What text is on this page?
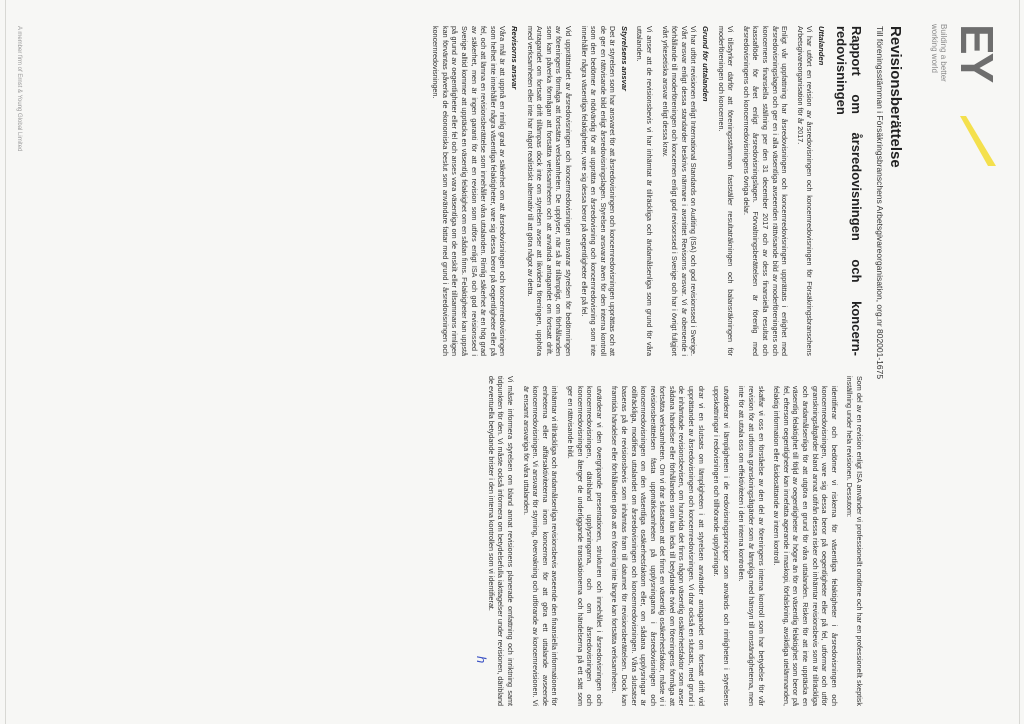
EY
Building a better
working world
Revisionsberättelse
Till föreningsstämman i Försäkringsbranschens Arbetsgivareorganisation, org.nr 802001-1675
Rapport om årsredovisningen och koncern-redovisningen
Uttalanden

Vi har utfört en revision av årsredovisningen och koncernredovisningen för Försäkringsbranschens Arbetsgivareorganisation för år 2017.

Enligt vår uppfattning har årsredovisningen och koncernredovisningen upprättats i enlighet med årsredovisningslagen och ger en i alla väsentliga avseenden rättvisande bild av moderföreningens och koncernens finansiella ställning per den 31 december 2017 och av dess finansiella resultat och kassaflöde för året enligt årsredovisningslagen. Förvaltningsberättelsen är förenlig med årsredovisningens och koncernredovisningens övriga delar.

Vi tillstyrker därför att föreningsstämman fastställer resultaträkningen och balansräkningen för moderföreningen och koncernen.

Grund för uttalanden

Vi har utfört revisionen enligt International Standards on Auditing (ISA) och god revisionssed i Sverige. Vårt ansvar enligt dessa standarder beskrivs närmare i avsnittet Revisorns ansvar. Vi är oberoende i förhållande till moderföreningen och koncernen enligt god revisorssed i Sverige och har i övrigt fullgjort vårt yrkesetiska ansvar enligt dessa krav.

Vi anser att de revisionsbevis vi har inhämtat är tillräckliga och ändamålsenliga som grund för våra uttalanden.

Styrelsens ansvar

Det är styrelsen som har ansvaret för att årsredovisningen och koncernredovisningen upprättas och att de ger en rättvisande bild enligt årsredovisningslagen. Styrelsen ansvarar även för den interna kontroll som den bedömer är nödvändig för att upprätta en årsredovisning och koncernredovisning som inte innehåller några väsentliga felaktigheter, vare sig dessa beror på oegentligheter eller på fel.

Vid upprättandet av årsredovisningen och koncernredovisningen ansvarar styrelsen för bedömningen av föreningens förmåga att fortsätta verksamheten. De upplyser, när så är tillämpligt, om förhållanden som kan påverka förmågan att fortsätta verksamheten och att använda antagandet om fortsatt drift. Antagandet om fortsatt drift tillämpas dock inte om styrelsen avser att likvidera föreningen, upphöra med verksamheten eller inte har något realistiskt alternativ till att göra något av detta.

Revisorns ansvar

Våra mål är att uppnå en rimlig grad av säkerhet om att årsredovisningen och koncernredovisningen som helhet inte innehåller några väsentliga felaktigheter, vare sig dessa beror på oegentligheter eller på fel, och att lämna en revisionsberättelse som innehåller våra uttalanden. Rimlig säkerhet är en hög grad av säkerhet, men är ingen garanti för att en revision som utförs enligt ISA och god revisionssed i Sverige alltid kommer att upptäcka en väsentlig felaktighet om en sådan finns. Felaktigheter kan uppstå på grund av oegentligheter eller fel och anses vara väsentliga om de enskilt eller tillsammans rimligen kan förväntas påverka de ekonomiska beslut som användare fattar med grund i årsredovisningen och koncernredovisningen.

Som del av en revision enligt ISA använder vi professionellt omdöme och har en professionellt skeptisk inställning under hela revisionen. Dessutom:

identifierar och bedömer vi riskerna för väsentliga felaktigheter i årsredovisningen och koncernredovisningen, vare sig dessa beror på oegentligheter eller på fel, utformar och utför granskningsåtgärder bland annat utifrån dessa risker och inhämtar revisionsbevis som är tillräckliga och ändamålsenliga för att utgöra en grund för våra uttalanden. Risken för att inte upptäcka en väsentlig felaktighet till följd av oegentligheter är högre än för en väsentlig felaktighet som beror på fel, eftersom oegentligheter kan innefatta agerande i maskopi, förfalskning, avsiktliga utelämnanden, felaktig information eller åsidosättande av intern kontroll.

skaffar vi oss en förståelse av den del av föreningens interna kontroll som har betydelse för vår revision för att utforma granskningsåtgärder som är lämpliga med hänsyn till omständigheterna, men inte för att uttala oss om effektiviteten i den interna kontrollen.

utvärderar vi lämpligheten i de redovisningsprinciper som används och rimligheten i styrelsens uppskattningar i redovisningen och tillhörande upplysningar.

drar vi en slutsats om lämpligheten i att styrelsen använder antagandet om fortsatt drift vid upprättandet av årsredovisningen och koncernredovisningen. Vi drar också en slutsats, med grund i de inhämtade revisionsbevisen, om huruvida det finns någon väsentlig osäkerhetsfaktor som avser sådana händelser eller förhållanden som kan leda till betydande tvivel om föreningens förmåga att fortsätta verksamheten. Om vi drar slutsatsen att det finns en väsentlig osäkerhetsfaktor, måste vi i revisionsberättelsen fästa uppmärksamheten på upplysningarna i årsredovisningen och koncernredovisningen om den väsentliga osäkerhetsfaktorn eller, om sådana upplysningar är otillräckliga, modifiera uttalandet om årsredovisningen och koncernredovisningen. Våra slutsatser baseras på de revisionsbevis som inhämtas fram till datumet för revisionsberättelsen. Dock kan framtida händelser eller förhållanden göra att en förening inte längre kan fortsätta verksamheten.

utvärderar vi den övergripande presentationen, strukturen och innehållet i årsredovisningen och koncernredovisningen, däribland upplysningarna, och om årsredovisningen och koncernredovisningen återger de underliggande transaktionerna och händelserna på ett sätt som ger en rättvisande bild.

inhämtar vi tillräckliga och ändamålsenliga revisionsbevis avseende den finansiella informationen för enheterna eller affärsaktiviteterna inom koncernen för att göra ett uttalande avseende koncernredovisningen. Vi ansvarar för styrning, övervakning och utförande av koncernrevisionen. Vi är ensamt ansvariga för våra uttalanden.

Vi måste informera styrelsen om bland annat revisionens planerade omfattning och inriktning samt tidpunkten för den. Vi måste också informera om betydelsefulla iakttagelser under revisionen, däribland de eventuella betydande brister i den interna kontrollen som vi identifierat.

h
A member firm of Ernst & Young Global Limited
